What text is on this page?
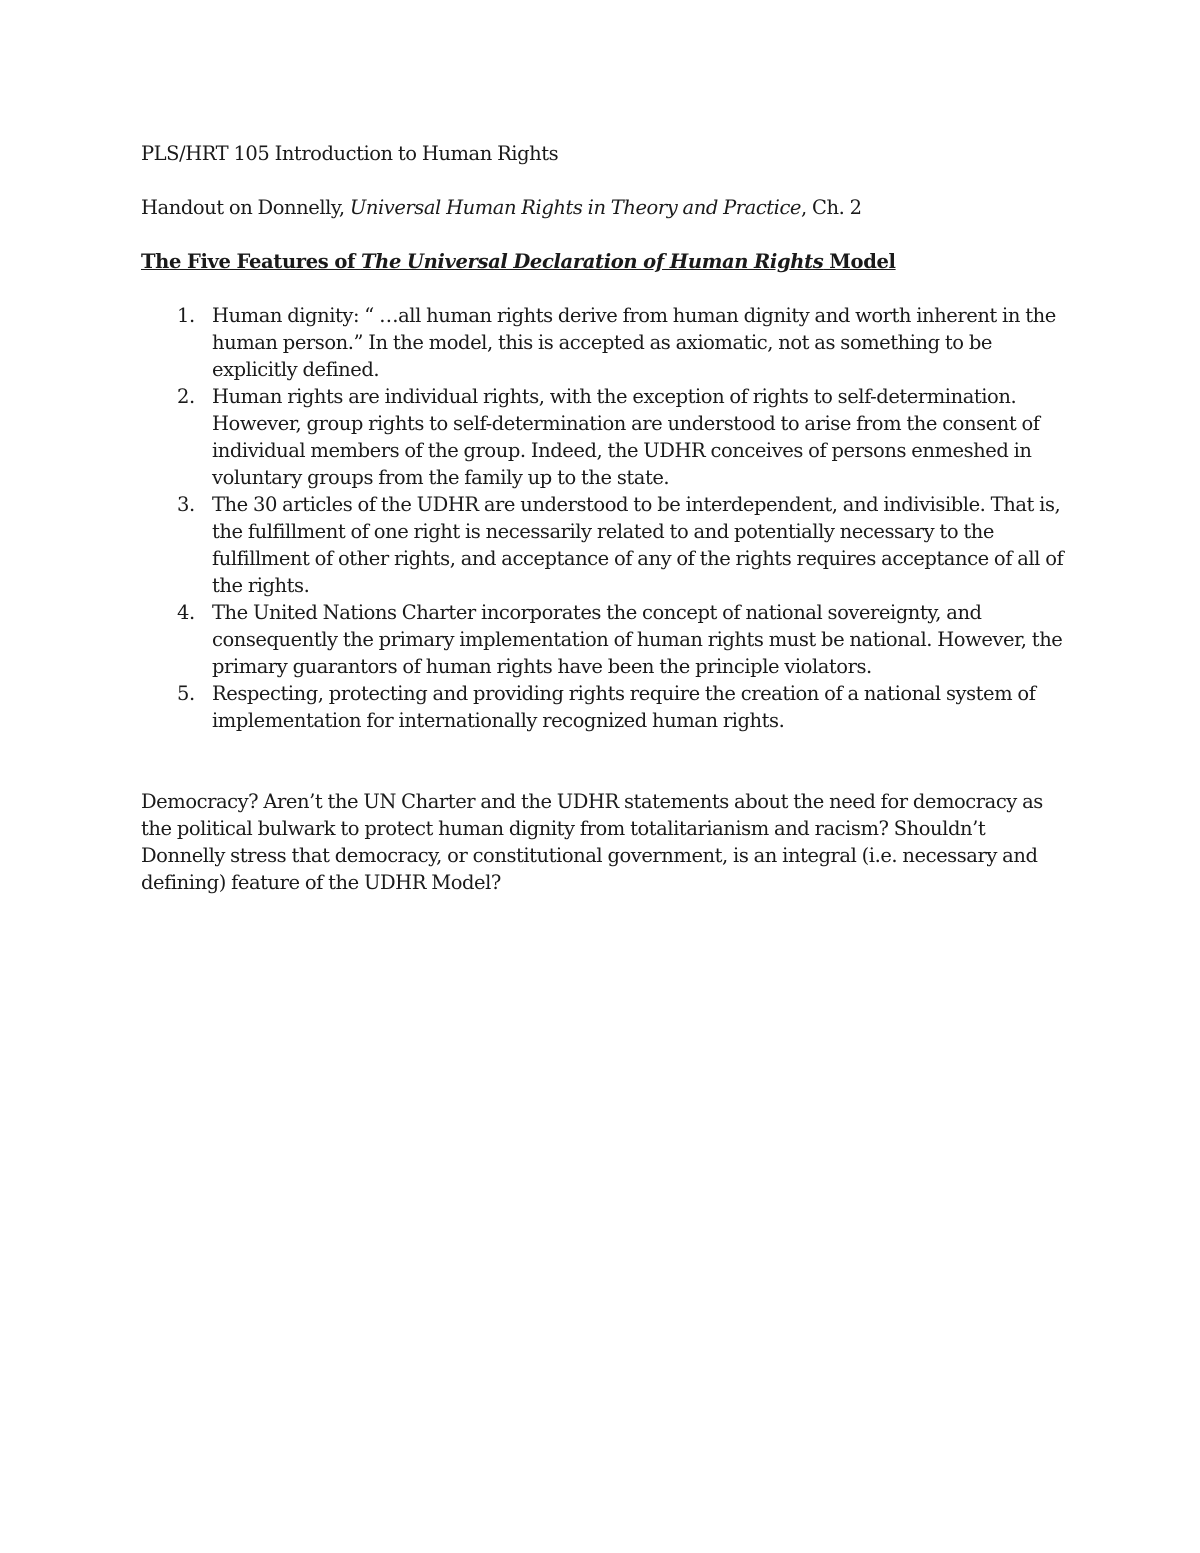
PLS/HRT 105 Introduction to Human Rights

Handout on Donnelly, Universal Human Rights in Theory and Practice, Ch. 2

The Five Features of The Universal Declaration of Human Rights Model

1. Human dignity: “ …all human rights derive from human dignity and worth inherent in the human person.” In the model, this is accepted as axiomatic, not as something to be explicitly defined.
2. Human rights are individual rights, with the exception of rights to self-determination. However, group rights to self-determination are understood to arise from the consent of individual members of the group. Indeed, the UDHR conceives of persons enmeshed in voluntary groups from the family up to the state.
3. The 30 articles of the UDHR are understood to be interdependent, and indivisible. That is, the fulfillment of one right is necessarily related to and potentially necessary to the fulfillment of other rights, and acceptance of any of the rights requires acceptance of all of the rights.
4. The United Nations Charter incorporates the concept of national sovereignty, and consequently the primary implementation of human rights must be national. However, the primary guarantors of human rights have been the principle violators.
5. Respecting, protecting and providing rights require the creation of a national system of implementation for internationally recognized human rights.

Democracy? Aren’t the UN Charter and the UDHR statements about the need for democracy as the political bulwark to protect human dignity from totalitarianism and racism? Shouldn’t Donnelly stress that democracy, or constitutional government, is an integral (i.e. necessary and defining) feature of the UDHR Model?
